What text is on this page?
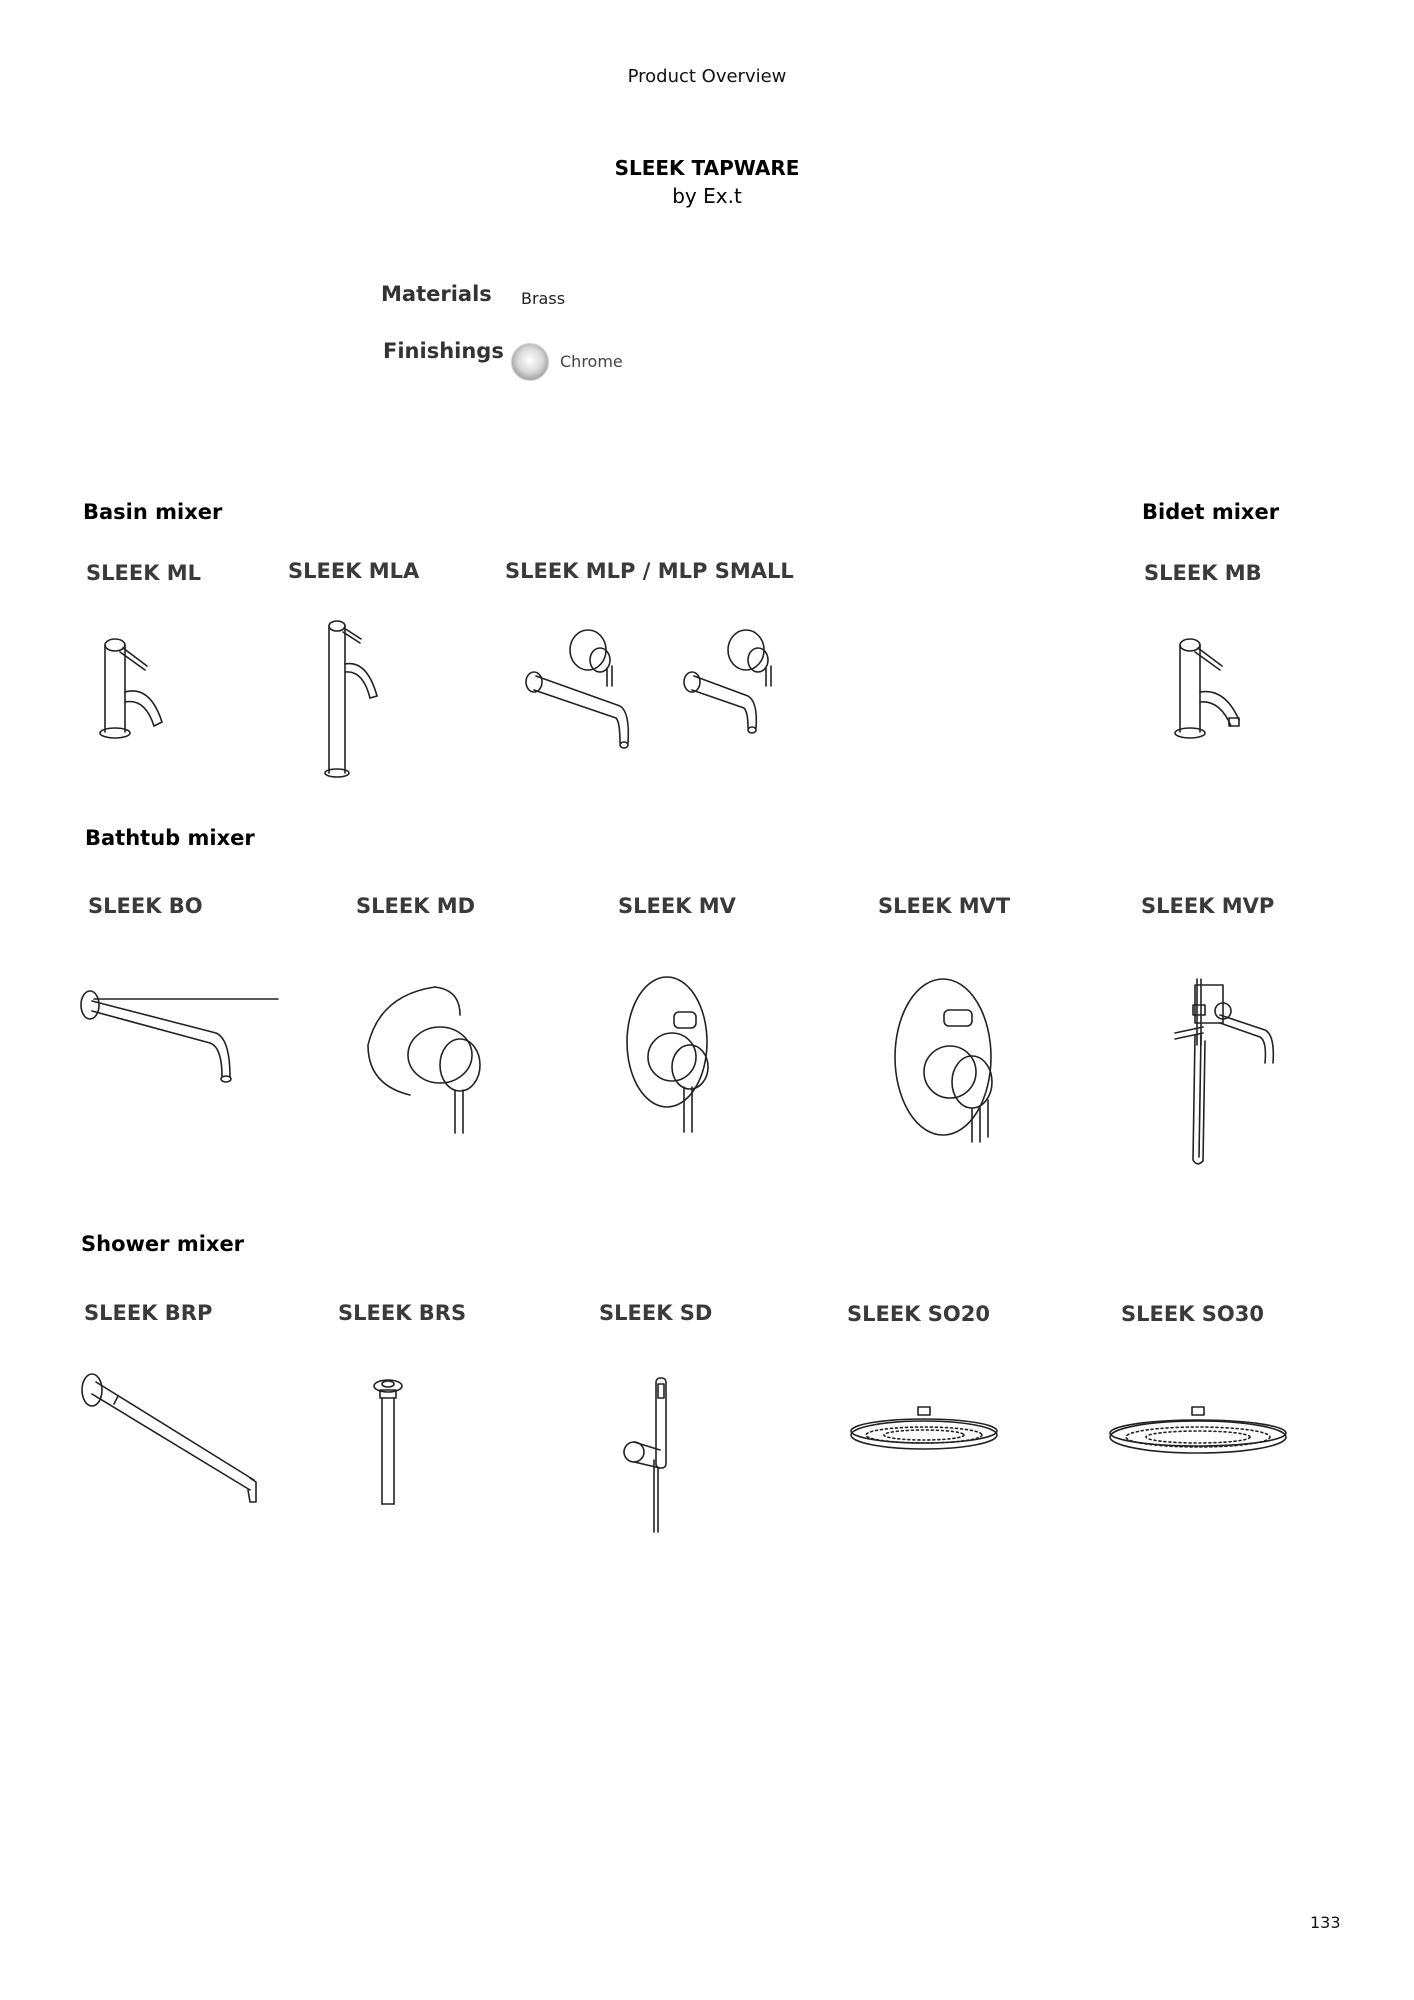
Product Overview
SLEEK TAPWARE
by Ex.t
Materials Brass
Finishings	Chrome
Basin mixer	Bidet mixer
SLEEK ML	SLEEK MLA	SLEEK MLP / MLP SMALL	SLEEK MB
Bathtub mixer
SLEEK BO	SLEEK MD	SLEEK MV	SLEEK MVT	SLEEK MVP
Shower mixer
SLEEK BRP	SLEEK BRS	SLEEK SD	SLEEK SO20	SLEEK SO30
133
